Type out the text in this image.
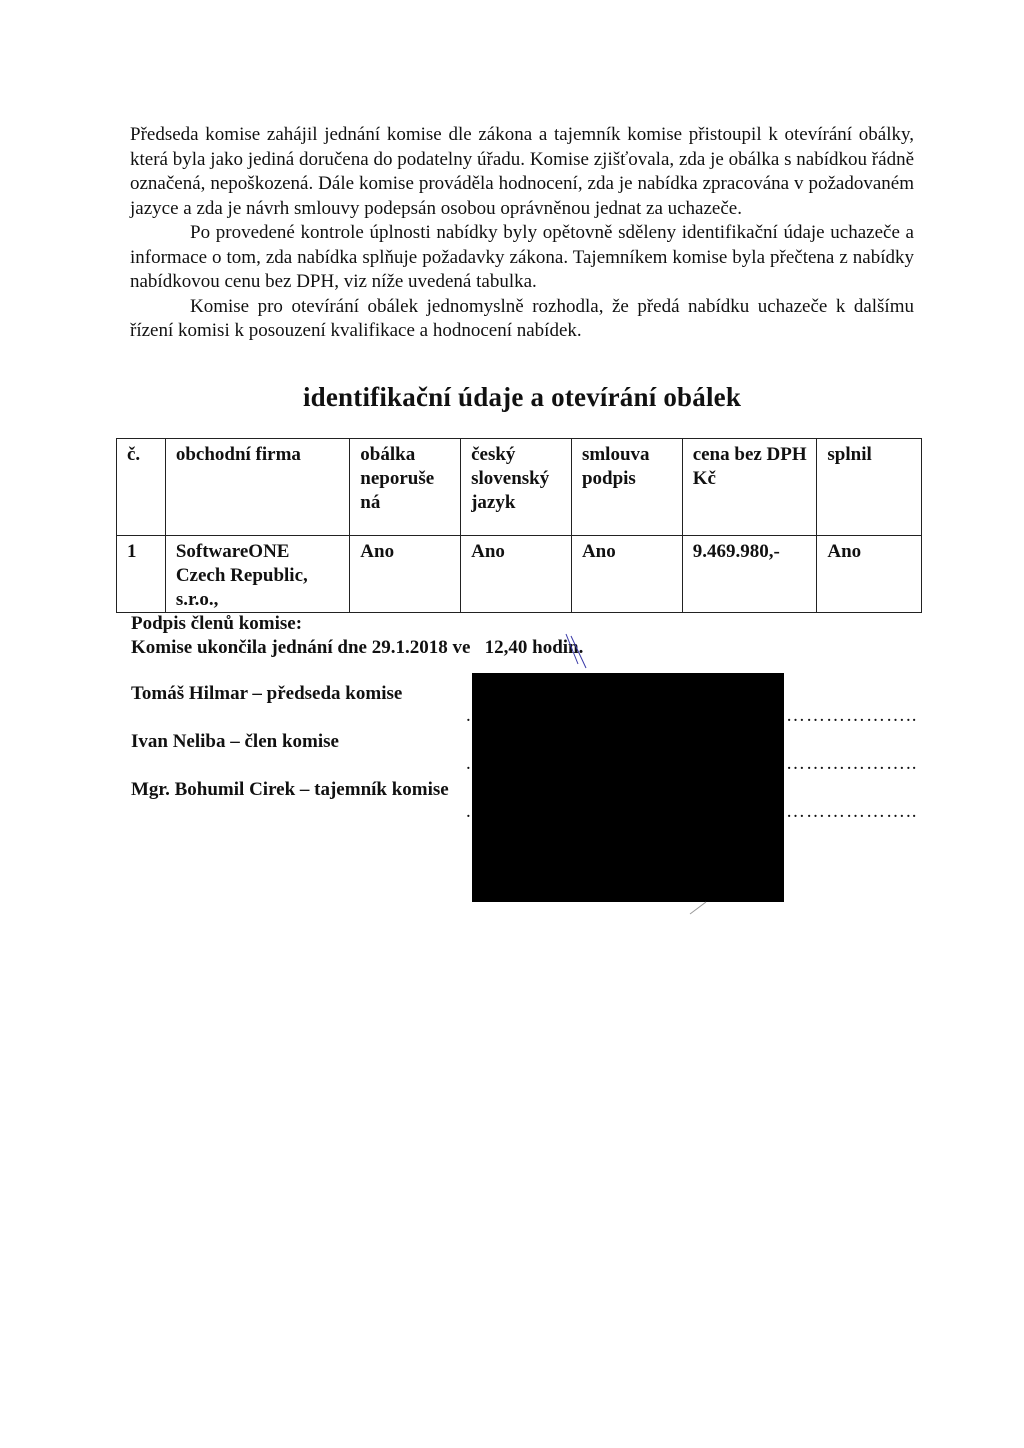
Předseda komise zahájil jednání komise dle zákona a tajemník komise přistoupil k otevírání obálky, která byla jako jediná doručena do podatelny úřadu. Komise zjišťovala, zda je obálka s nabídkou řádně označená, nepoškozená. Dále komise prováděla hodnocení, zda je nabídka zpracována v požadovaném jazyce a zda je návrh smlouvy podepsán osobou oprávněnou jednat za uchazeče.

Po provedené kontrole úplnosti nabídky byly opětovně sděleny identifikační údaje uchazeče a informace o tom, zda nabídka splňuje požadavky zákona. Tajemníkem komise byla přečtena z nabídky nabídkovou cenu bez DPH, viz níže uvedená tabulka.

Komise pro otevírání obálek jednomyslně rozhodla, že předá nabídku uchazeče k dalšímu řízení komisi k posouzení kvalifikace a hodnocení nabídek.

identifikační údaje a otevírání obálek
č.	obchodní firma	obálka neporuše ná	český slovenský jazyk	smlouva podpis	cena bez DPH Kč	splnil
1	SoftwareONE Czech Republic, s.r.o.,	Ano	Ano	Ano	9.469.980,-	Ano
Podpis členů komise:
Komise ukončila jednání dne 29.1.2018 ve   12,40 hodin.
Tomáš Hilmar – předseda komise
.	………………..
Ivan Neliba – člen komise
.	………………..
Mgr. Bohumil Cirek – tajemník komise
.	………………..
